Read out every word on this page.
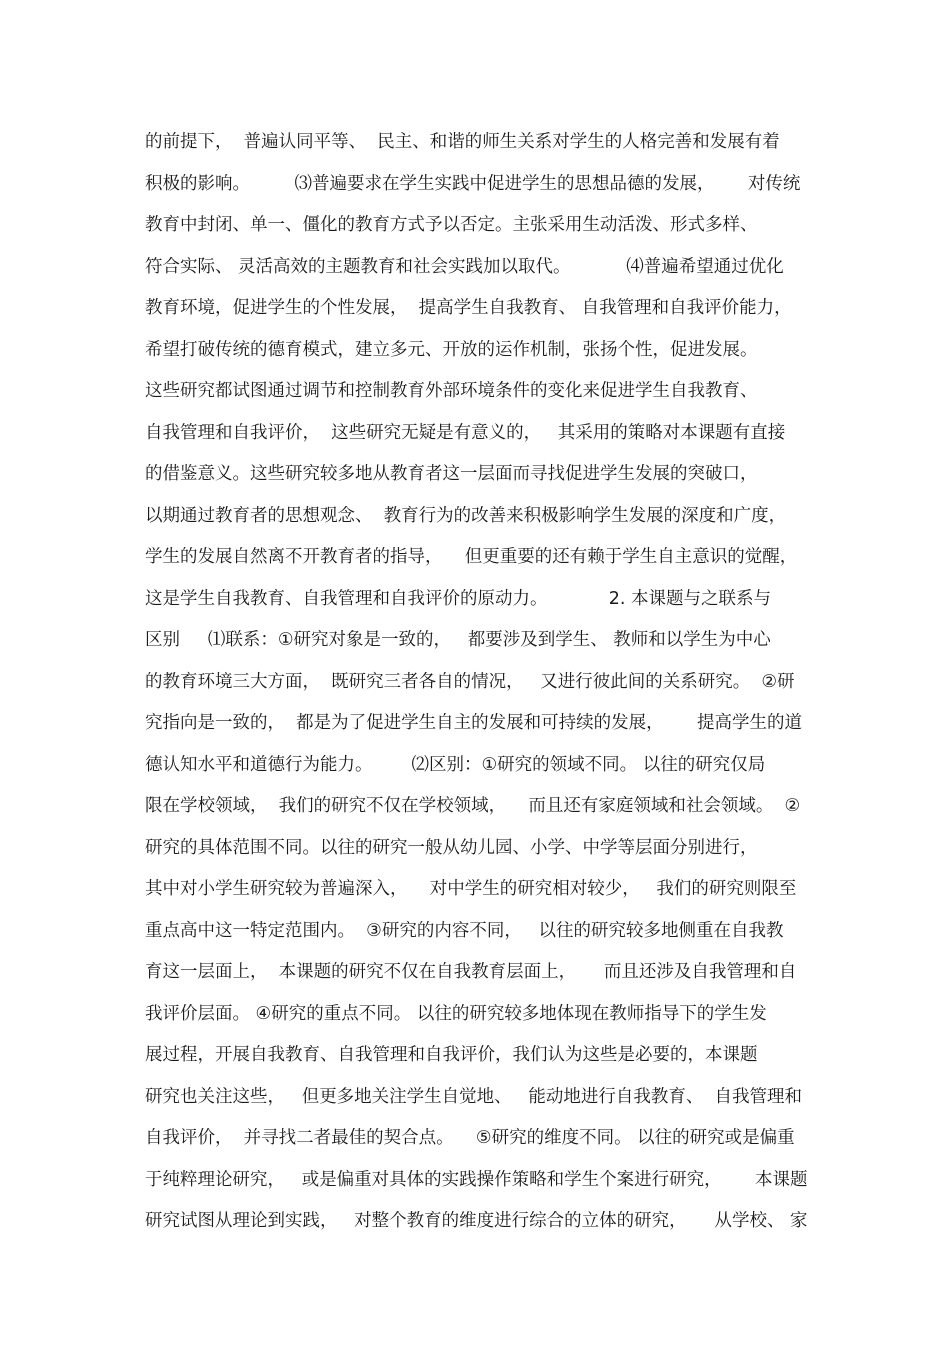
的前提下，  普遍认同平等、  民主、和谐的师生关系对学生的人格完善和发展有着
积极的影响。        ⑶普遍要求在学生实践中促进学生的思想品德的发展，      对传统
教育中封闭、单一、僵化的教育方式予以否定。主张采用生动活泼、形式多样、
符合实际、 灵活高效的主题教育和社会实践加以取代。          ⑷普遍希望通过优化
教育环境，促进学生的个性发展，  提高学生自我教育、 自我管理和自我评价能力，
希望打破传统的德育模式，建立多元、开放的运作机制，张扬个性，促进发展。
这些研究都试图通过调节和控制教育外部环境条件的变化来促进学生自我教育、
自我管理和自我评价，  这些研究无疑是有意义的，   其采用的策略对本课题有直接
的借鉴意义。这些研究较多地从教育者这一层面而寻找促进学生发展的突破口，
以期通过教育者的思想观念、  教育行为的改善来积极影响学生发展的深度和广度，
学生的发展自然离不开教育者的指导，    但更重要的还有赖于学生自主意识的觉醒，
这是学生自我教育、自我管理和自我评价的原动力。           2. 本课题与之联系与
区别     ⑴联系：①研究对象是一致的，   都要涉及到学生、 教师和以学生为中心
的教育环境三大方面，  既研究三者各自的情况，   又进行彼此间的关系研究。  ②研
究指向是一致的，  都是为了促进学生自主的发展和可持续的发展，      提高学生的道
德认知水平和道德行为能力。       ⑵区别：①研究的领域不同。 以往的研究仅局
限在学校领域，  我们的研究不仅在学校领域，    而且还有家庭领域和社会领域。  ②
研究的具体范围不同。以往的研究一般从幼儿园、小学、中学等层面分别进行，
其中对小学生研究较为普遍深入，    对中学生的研究相对较少，   我们的研究则限至
重点高中这一特定范围内。  ③研究的内容不同，   以往的研究较多地侧重在自我教
育这一层面上，  本课题的研究不仅在自我教育层面上，     而且还涉及自我管理和自
我评价层面。 ④研究的重点不同。 以往的研究较多地体现在教师指导下的学生发
展过程，开展自我教育、自我管理和自我评价，我们认为这些是必要的，本课题
研究也关注这些，   但更多地关注学生自觉地、   能动地进行自我教育、  自我管理和
自我评价，  并寻找二者最佳的契合点。    ⑤研究的维度不同。 以往的研究或是偏重
于纯粹理论研究，   或是偏重对具体的实践操作策略和学生个案进行研究，      本课题
研究试图从理论到实践，   对整个教育的维度进行综合的立体的研究，     从学校、 家
